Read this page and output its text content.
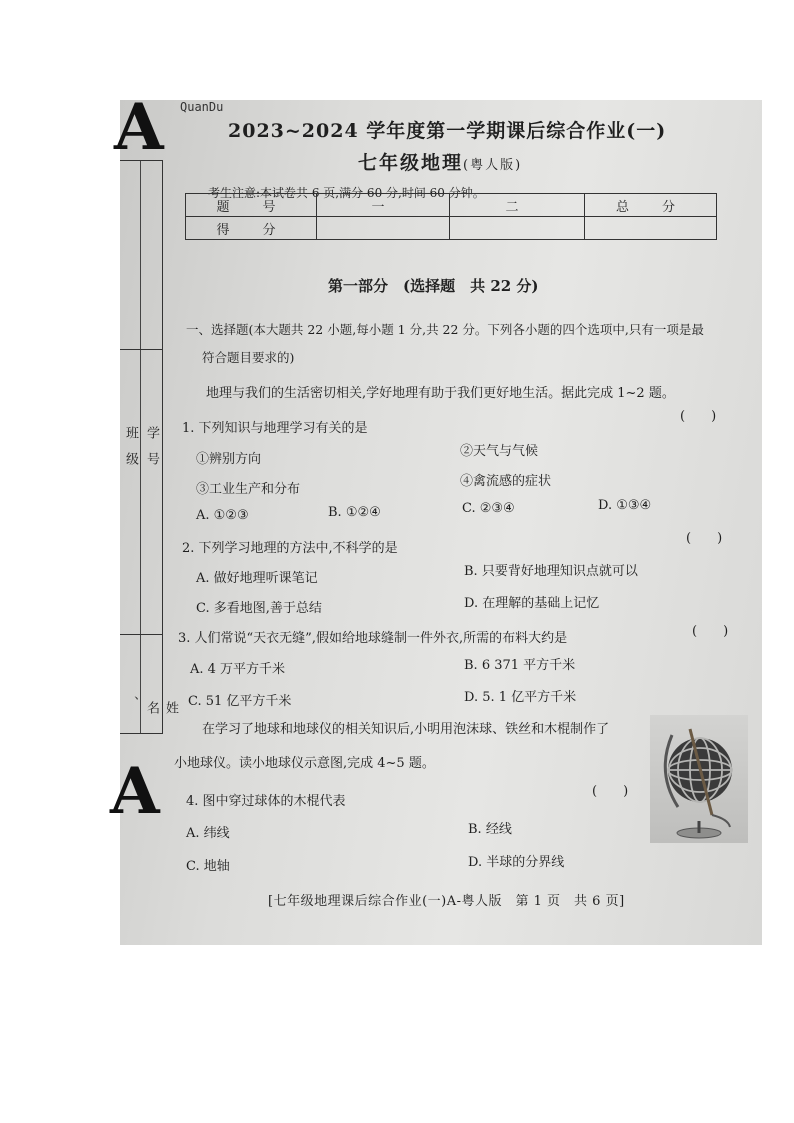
A QuanDu
2023~2024 学年度第一学期课后综合作业(一)
七年级地理(粤人版)
班　级 学　号
、	姓　名
考生注意:本试卷共 6 页,满分 60 分,时间 60 分钟。
题　号	一	二	总　分
得　分			
第一部分　(选择题　共 22 分)
一、选择题(本大题共 22 小题,每小题 1 分,共 22 分。下列各小题的四个选项中,只有一项是最
符合题目要求的)
地理与我们的生活密切相关,学好地理有助于我们更好地生活。据此完成 1~2 题。
1. 下列知识与地理学习有关的是
(　　)
①辨别方向
②天气与气候
③工业生产和分布
④禽流感的症状
A. ①②③	B. ①②④	C. ②③④	D. ①③④
2. 下列学习地理的方法中,不科学的是
(　　)
A. 做好地理听课笔记	B. 只要背好地理知识点就可以
C. 多看地图,善于总结	D. 在理解的基础上记忆
3. 人们常说“天衣无缝”,假如给地球缝制一件外衣,所需的布料大约是	(　　)
A. 4 万平方千米	B. 6 371 平方千米
C. 51 亿平方千米	D. 5. 1 亿平方千米
在学习了地球和地球仪的相关知识后,小明用泡沫球、铁丝和木棍制作了
小地球仪。读小地球仪示意图,完成 4~5 题。
A 4. 图中穿过球体的木棍代表
(　　)
A. 纬线	B. 经线
C. 地轴	D. 半球的分界线
[七年级地理课后综合作业(一)A-粤人版　第 1 页　共 6 页]
